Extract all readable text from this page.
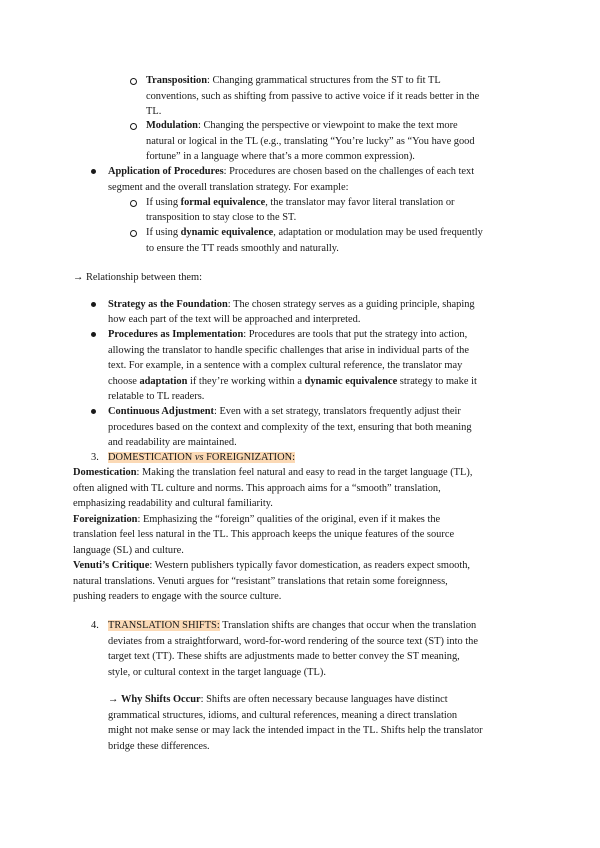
Transposition: Changing grammatical structures from the ST to fit TL
conventions, such as shifting from passive to active voice if it reads better in the
TL.
Modulation: Changing the perspective or viewpoint to make the text more
natural or logical in the TL (e.g., translating “You’re lucky” as “You have good
fortune” in a language where that’s a more common expression).
Application of Procedures: Procedures are chosen based on the challenges of each text
segment and the overall translation strategy. For example:
If using formal equivalence, the translator may favor literal translation or
transposition to stay close to the ST.
If using dynamic equivalence, adaptation or modulation may be used frequently
to ensure the TT reads smoothly and naturally.
→ Relationship between them:
Strategy as the Foundation: The chosen strategy serves as a guiding principle, shaping
how each part of the text will be approached and interpreted.
Procedures as Implementation: Procedures are tools that put the strategy into action,
allowing the translator to handle specific challenges that arise in individual parts of the
text. For example, in a sentence with a complex cultural reference, the translator may
choose adaptation if they’re working within a dynamic equivalence strategy to make it
relatable to TL readers.
Continuous Adjustment: Even with a set strategy, translators frequently adjust their
procedures based on the context and complexity of the text, ensuring that both meaning
and readability are maintained.
3. DOMESTICATION vs FOREIGNIZATION:
Domestication: Making the translation feel natural and easy to read in the target language (TL),
often aligned with TL culture and norms. This approach aims for a “smooth” translation,
emphasizing readability and cultural familiarity.
Foreignization: Emphasizing the “foreign” qualities of the original, even if it makes the
translation feel less natural in the TL. This approach keeps the unique features of the source
language (SL) and culture.
Venuti’s Critique: Western publishers typically favor domestication, as readers expect smooth,
natural translations. Venuti argues for “resistant” translations that retain some foreignness,
pushing readers to engage with the source culture.
4. TRANSLATION SHIFTS: Translation shifts are changes that occur when the translation
deviates from a straightforward, word-for-word rendering of the source text (ST) into the
target text (TT). These shifts are adjustments made to better convey the ST meaning,
style, or cultural context in the target language (TL).
→ Why Shifts Occur: Shifts are often necessary because languages have distinct
grammatical structures, idioms, and cultural references, meaning a direct translation
might not make sense or may lack the intended impact in the TL. Shifts help the translator
bridge these differences.
